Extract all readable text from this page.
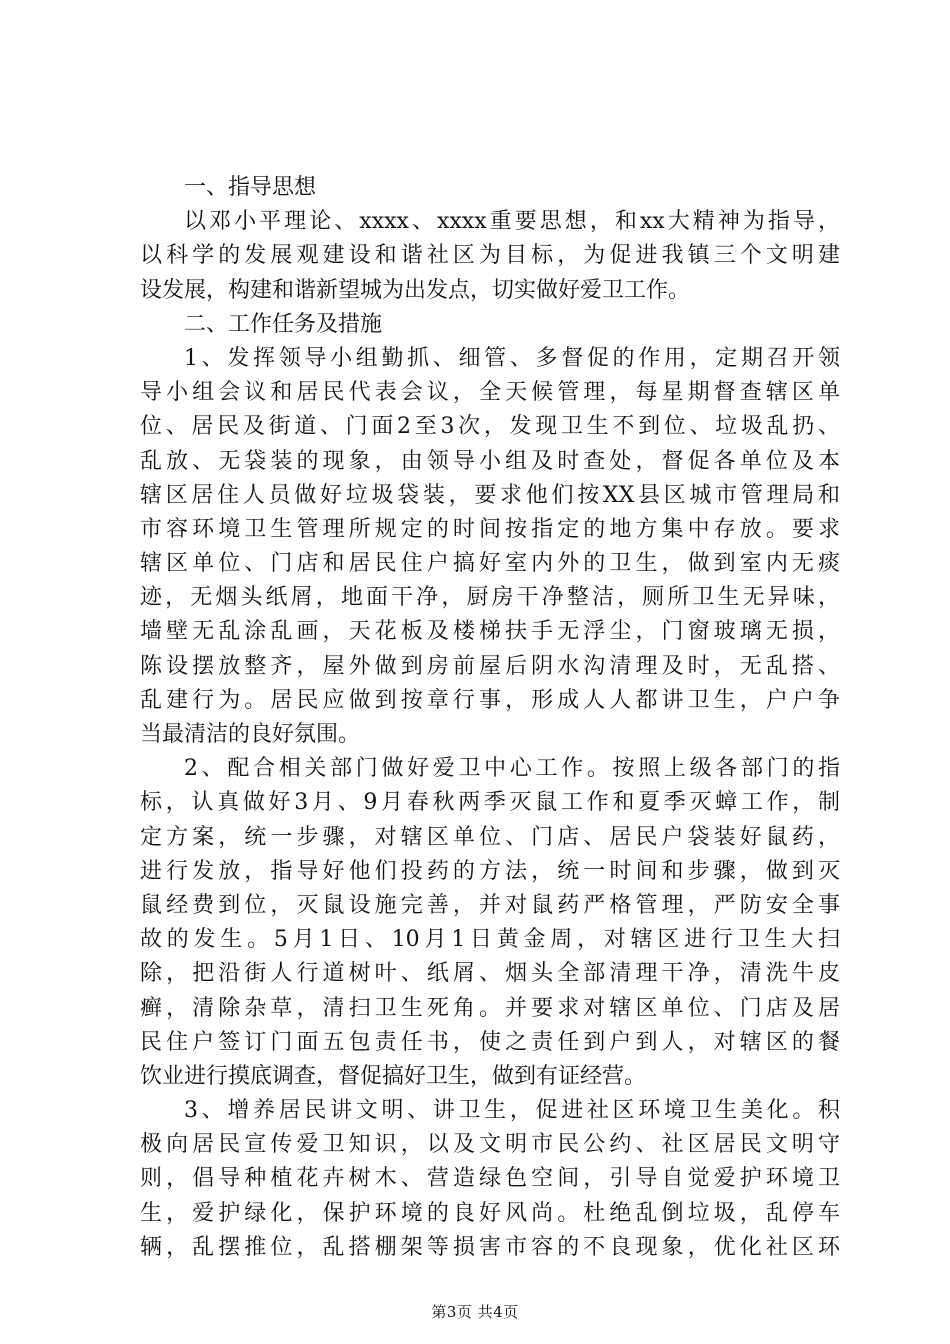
一、指导思想
以邓小平理论、xxxx、xxxx重要思想，和xx大精神为指导，
以科学的发展观建设和谐社区为目标，为促进我镇三个文明建
设发展，构建和谐新望城为出发点，切实做好爱卫工作。
二、工作任务及措施
1、发挥领导小组勤抓、细管、多督促的作用，定期召开领
导小组会议和居民代表会议，全天候管理，每星期督查辖区单
位、居民及街道、门面2至3次，发现卫生不到位、垃圾乱扔、
乱放、无袋装的现象，由领导小组及时查处，督促各单位及本
辖区居住人员做好垃圾袋装，要求他们按XX县区城市管理局和
市容环境卫生管理所规定的时间按指定的地方集中存放。要求
辖区单位、门店和居民住户搞好室内外的卫生，做到室内无痰
迹，无烟头纸屑，地面干净，厨房干净整洁，厕所卫生无异味，
墙壁无乱涂乱画，天花板及楼梯扶手无浮尘，门窗玻璃无损，
陈设摆放整齐，屋外做到房前屋后阴水沟清理及时，无乱搭、
乱建行为。居民应做到按章行事，形成人人都讲卫生，户户争
当最清洁的良好氛围。
2、配合相关部门做好爱卫中心工作。按照上级各部门的指
标，认真做好3月、9月春秋两季灭鼠工作和夏季灭蟑工作，制
定方案，统一步骤，对辖区单位、门店、居民户袋装好鼠药，
进行发放，指导好他们投药的方法，统一时间和步骤，做到灭
鼠经费到位，灭鼠设施完善，并对鼠药严格管理，严防安全事
故的发生。5月1日、10月1日黄金周，对辖区进行卫生大扫
除，把沿街人行道树叶、纸屑、烟头全部清理干净，清洗牛皮
癣，清除杂草，清扫卫生死角。并要求对辖区单位、门店及居
民住户签订门面五包责任书，使之责任到户到人，对辖区的餐
饮业进行摸底调查，督促搞好卫生，做到有证经营。
3、增养居民讲文明、讲卫生，促进社区环境卫生美化。积
极向居民宣传爱卫知识，以及文明市民公约、社区居民文明守
则，倡导种植花卉树木、营造绿色空间，引导自觉爱护环境卫
生，爱护绿化，保护环境的良好风尚。杜绝乱倒垃圾，乱停车
辆，乱摆推位，乱搭棚架等损害市容的不良现象，优化社区环
第3页 共4页
